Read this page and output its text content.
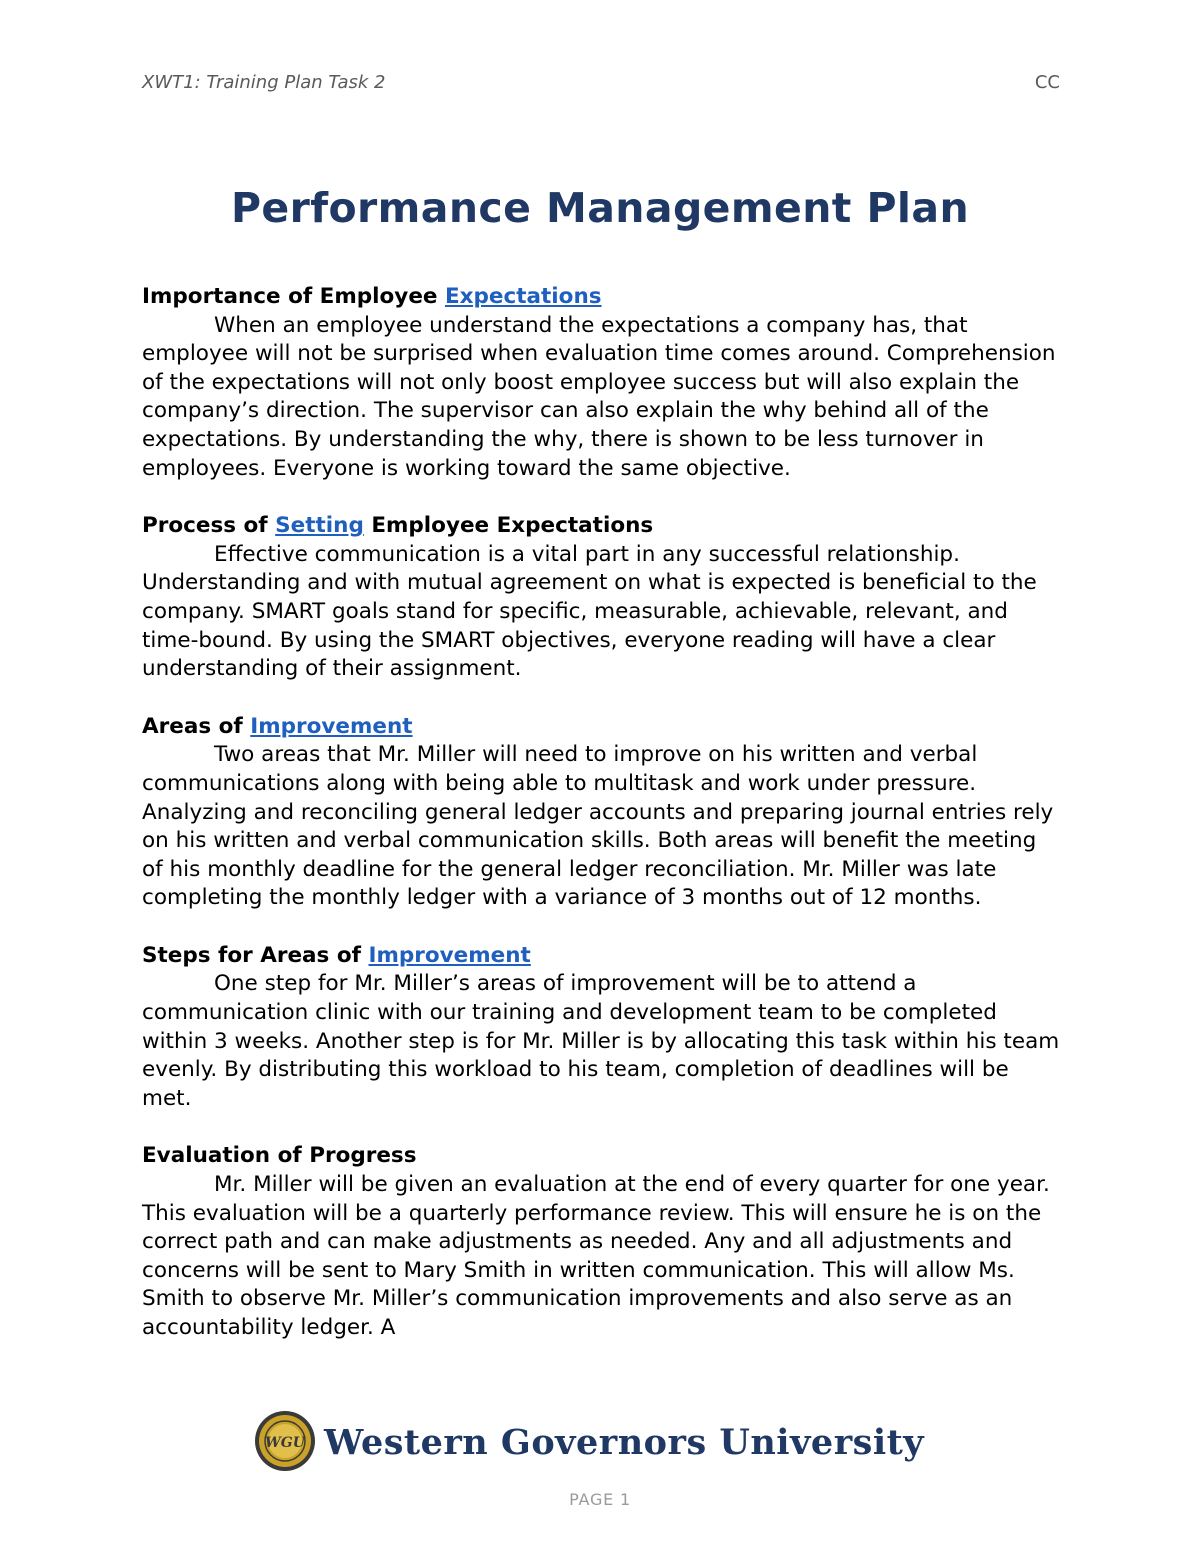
XWT1: Training Plan Task 2	CC
Performance Management Plan
Importance of Employee Expectations

When an employee understand the expectations a company has, that employee will not be surprised when evaluation time comes around. Comprehension of the expectations will not only boost employee success but will also explain the company’s direction. The supervisor can also explain the why behind all of the expectations. By understanding the why, there is shown to be less turnover in employees. Everyone is working toward the same objective.

Process of Setting Employee Expectations

Effective communication is a vital part in any successful relationship. Understanding and with mutual agreement on what is expected is beneficial to the company. SMART goals stand for specific, measurable, achievable, relevant, and time-bound. By using the SMART objectives, everyone reading will have a clear understanding of their assignment.

Areas of Improvement

Two areas that Mr. Miller will need to improve on his written and verbal communications along with being able to multitask and work under pressure. Analyzing and reconciling general ledger accounts and preparing journal entries rely on his written and verbal communication skills. Both areas will benefit the meeting of his monthly deadline for the general ledger reconciliation. Mr. Miller was late completing the monthly ledger with a variance of 3 months out of 12 months.

Steps for Areas of Improvement

One step for Mr. Miller’s areas of improvement will be to attend a communication clinic with our training and development team to be completed within 3 weeks. Another step is for Mr. Miller is by allocating this task within his team evenly. By distributing this workload to his team, completion of deadlines will be met.

Evaluation of Progress

Mr. Miller will be given an evaluation at the end of every quarter for one year. This evaluation will be a quarterly performance review. This will ensure he is on the correct path and can make adjustments as needed. Any and all adjustments and concerns will be sent to Mary Smith in written communication. This will allow Ms. Smith to observe Mr. Miller’s communication improvements and also serve as an accountability ledger. A

WGU Western Governors University
PAGE 1
